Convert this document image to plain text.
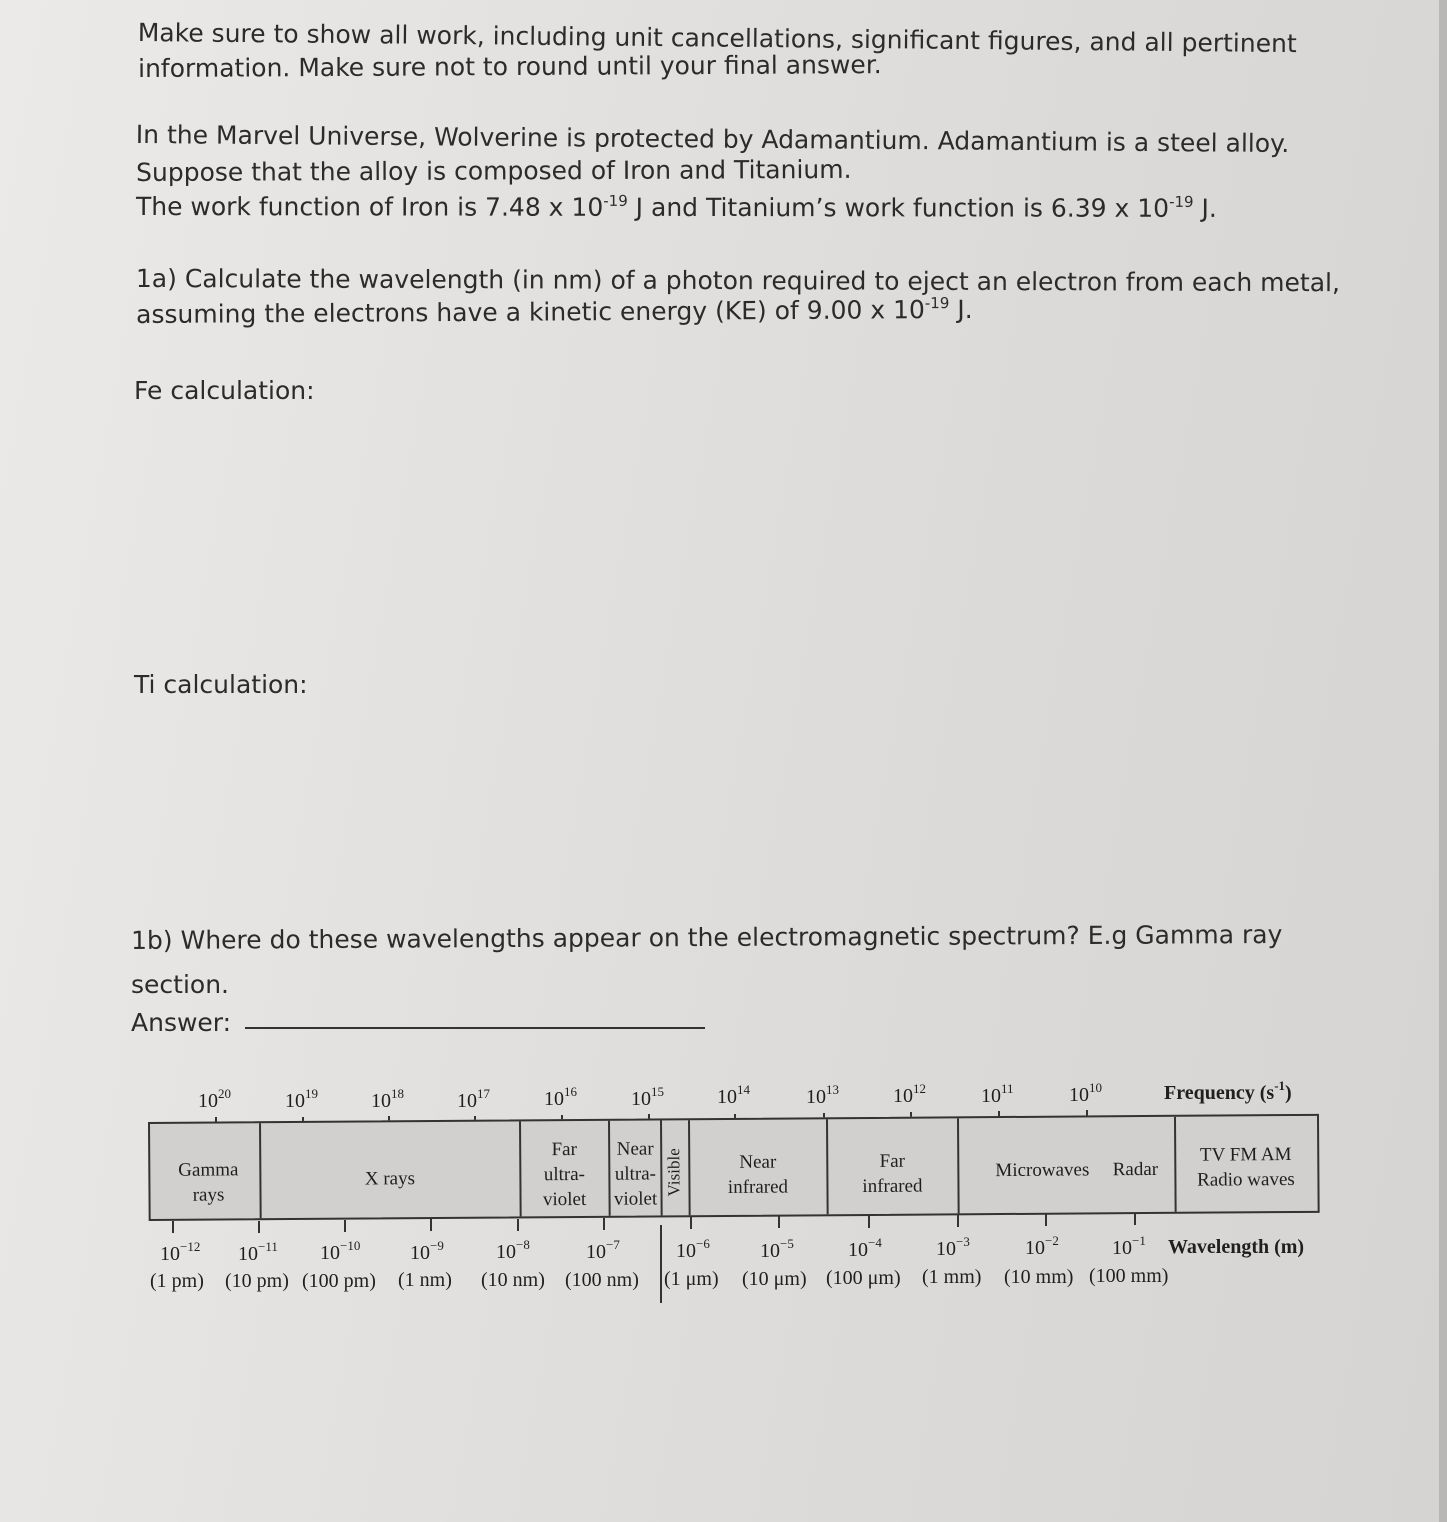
Make sure to show all work, including unit cancellations, significant figures, and all pertinent

information. Make sure not to round until your final answer.

In the Marvel Universe, Wolverine is protected by Adamantium. Adamantium is a steel alloy.

Suppose that the alloy is composed of Iron and Titanium.

The work function of Iron is 7.48 x $10^{-19}$ J and Titanium’s work function is 6.39 x $10^{-19}$ J.

1a) Calculate the wavelength (in nm) of a photon required to eject an electron from each metal,

assuming the electrons have a kinetic energy (KE) of 9.00 x $10^{-19}$ J.

Fe calculation:

Ti calculation:

1b) Where do these wavelengths appear on the electromagnetic spectrum? E.g Gamma ray

section.

Answer:

$10^{20}$	$10^{19}$	$10^{18}$	$10^{17}$	$10^{16}$	$10^{15}$	$10^{14}$	$10^{13}$	$10^{12}$	$10^{11}$	$10^{10}$	Frequency $(s^{-1})$
Gamma
rays
X rays
Far
ultra-
violet
Near
ultra-
violet
Visible	Near
infrared
Far
infrared
Microwaves	Radar
TV FM AM
Radio waves
$10^{-12}$ $10^{-11}$ $10^{-10}$ $10^{-9}$	$10^{-8}$	$10^{-7}$	$10^{-6}$	$10^{-5}$	$10^{-4}$	$10^{-3}$	$10^{-2}$	$10^{-1}$ Wavelength (m)
(1 pm) (10 pm) (100 pm) (1 nm) (10 nm) (100 nm) (1 μm) (10 μm) (100 μm) (1 mm) (10 mm) (100 mm)
